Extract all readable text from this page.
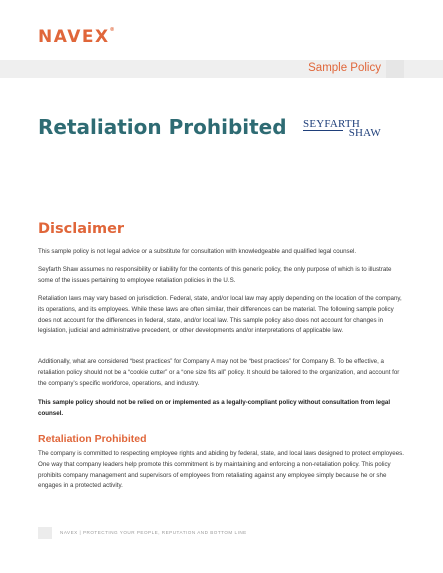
NAVEX®
Sample Policy
Retaliation Prohibited SEYFARTH
SHAW
Disclaimer

This sample policy is not legal advice or a substitute for consultation with knowledgeable and qualified legal counsel.

Seyfarth Shaw assumes no responsibility or liability for the contents of this generic policy, the only purpose of which is to illustrate some of the issues pertaining to employee retaliation policies in the U.S.

Retaliation laws may vary based on jurisdiction. Federal, state, and/or local law may apply depending on the location of the company, its operations, and its employees. While these laws are often similar, their differences can be material. The following sample policy does not account for the differences in federal, state, and/or local law. This sample policy also does not account for changes in legislation, judicial and administrative precedent, or other developments and/or interpretations of applicable law.

Additionally, what are considered “best practices” for Company A may not be “best practices” for Company B. To be effective, a retaliation policy should not be a “cookie cutter” or a “one size fits all” policy. It should be tailored to the organization, and account for the company’s specific workforce, operations, and industry.

This sample policy should not be relied on or implemented as a legally-compliant policy without consultation from legal counsel.

Retaliation Prohibited

The company is committed to respecting employee rights and abiding by federal, state, and local laws designed to protect employees. One way that company leaders help promote this commitment is by maintaining and enforcing a non-retaliation policy. This policy prohibits company management and supervisors of employees from retaliating against any employee simply because he or she engages in a protected activity.

NAVEX | PROTECTING YOUR PEOPLE, REPUTATION AND BOTTOM LINE
